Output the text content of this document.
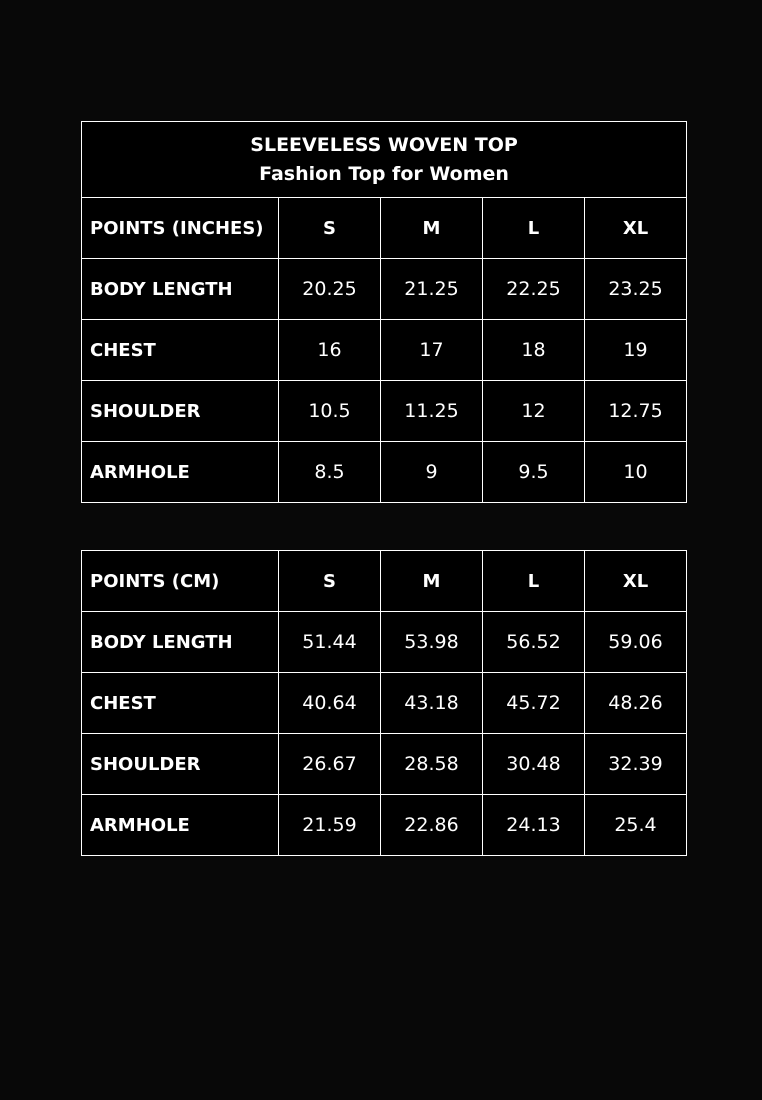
SLEEVELESS WOVEN TOP
Fashion Top for Women				

POINTS (INCHES)	S	M	L	XL
BODY LENGTH	20.25	21.25	22.25	23.25
CHEST	16	17	18	19
SHOULDER	10.5	11.25	12	12.75
ARMHOLE	8.5	9	9.5	10
POINTS (CM)	S	M	L	XL
BODY LENGTH	51.44	53.98	56.52	59.06
CHEST	40.64	43.18	45.72	48.26
SHOULDER	26.67	28.58	30.48	32.39
ARMHOLE	21.59	22.86	24.13	25.4
